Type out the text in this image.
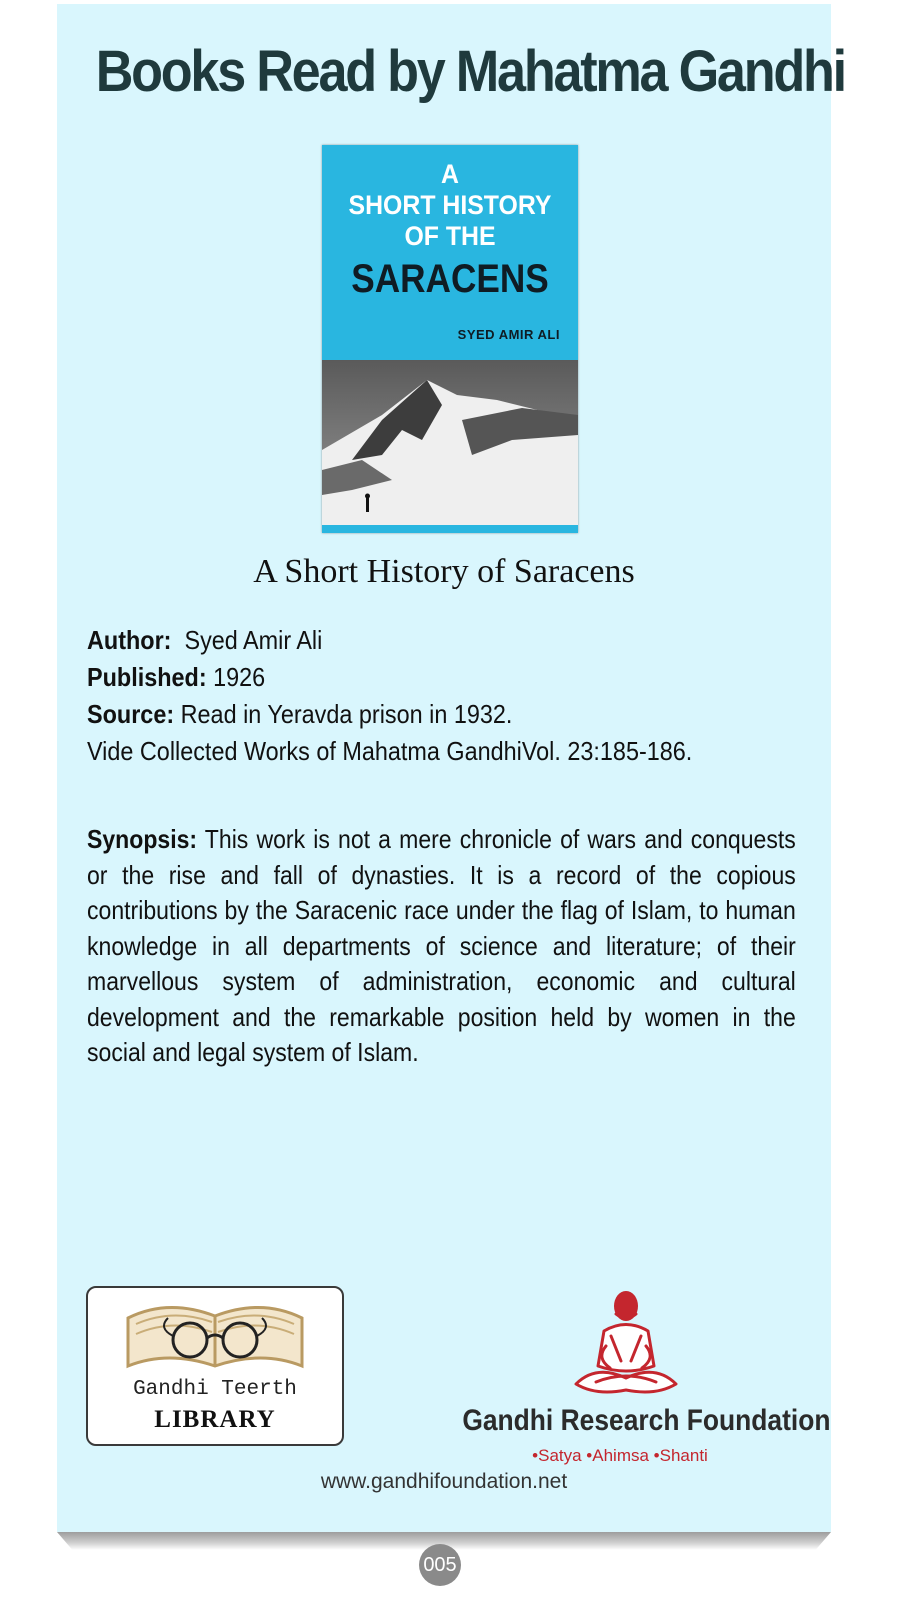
Books Read by Mahatma Gandhi
A
SHORT HISTORY
OF THE
SARACENS
SYED AMIR ALI
A Short History of Saracens
Author: Syed Amir Ali
Published: 1926
Source: Read in Yeravda prison in 1932.
Vide Collected Works of Mahatma GandhiVol. 23:185-186.
Synopsis: This work is not a mere chronicle of wars and conquests or the rise and fall of dynasties. It is a record of the copious contributions by the Saracenic race under the flag of Islam, to human knowledge in all departments of science and literature; of their marvellous system of administration, economic and cultural development and the remarkable position held by women in the social and legal system of Islam.
Gandhi Teerth
LIBRARY	Gandhi Research Foundation
•Satya •Ahimsa •Shanti
www.gandhifoundation.net
005
